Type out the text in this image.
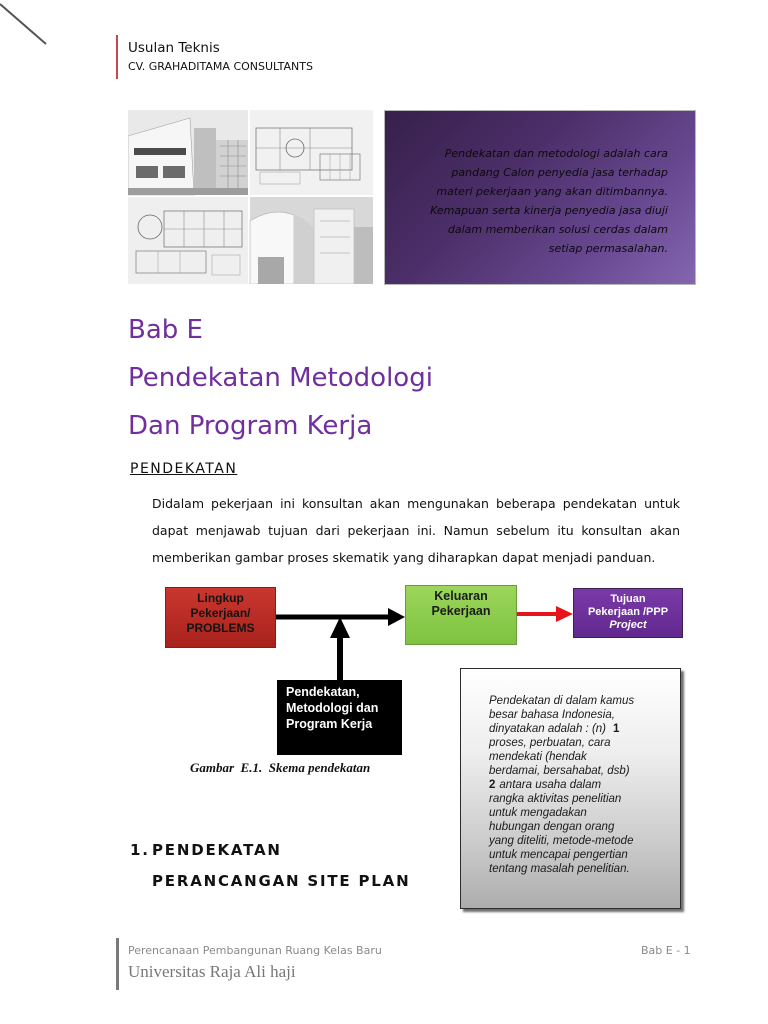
Usulan Teknis
CV. GRAHADITAMA CONSULTANTS
Pendekatan dan metodologi adalah cara
pandang Calon penyedia jasa terhadap
materi pekerjaan yang akan ditimbannya.
Kemapuan serta kinerja penyedia jasa diuji
dalam memberikan solusi cerdas dalam
setiap permasalahan.
Bab E
Pendekatan Metodologi
Dan Program Kerja
PENDEKATAN
Didalam pekerjaan ini konsultan akan mengunakan beberapa pendekatan untuk
dapat menjawab tujuan dari pekerjaan ini. Namun sebelum itu konsultan akan
memberikan gambar proses skematik yang diharapkan dapat menjadi panduan.
Lingkup
Pekerjaan/
PROBLEMS
Keluaran
Pekerjaan
Tujuan
Pekerjaan /PPP
Project
Pendekatan,
Metodologi dan
Program Kerja
Gambar  E.1.  Skema pendekatan
Pendekatan di dalam kamus
besar bahasa Indonesia,
dinyatakan adalah : (n) 1
proses, perbuatan, cara
mendekati (hendak
berdamai, bersahabat, dsb)
2 antara usaha dalam
rangka aktivitas penelitian
untuk mengadakan
hubungan dengan orang
yang diteliti, metode-metode
untuk mencapai pengertian
tentang masalah penelitian.
1. PENDEKATAN
PERANCANGAN SITE PLAN
Perencanaan Pembangunan Ruang Kelas Baru
Universitas Raja Ali haji
Bab E - 1
